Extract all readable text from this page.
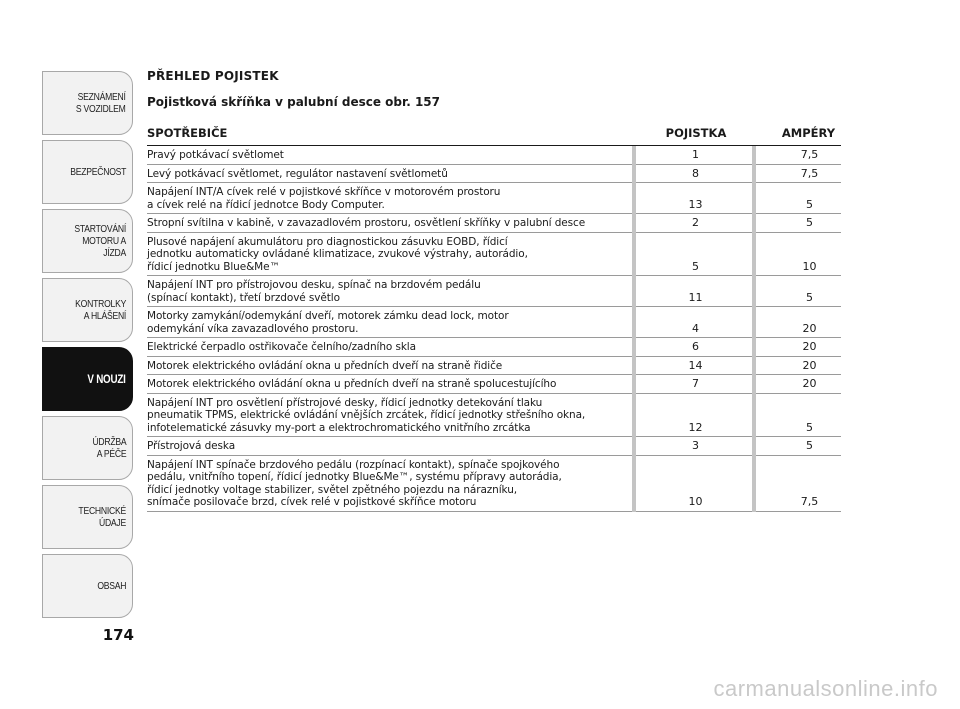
SEZNÁMENÍ
S VOZIDLEM
BEZPEČNOST
STARTOVÁNÍ
MOTORU A JÍZDA
KONTROLKY
A HLÁŠENÍ
V NOUZI
ÚDRŽBA
A PÉČE
TECHNICKÉ
ÚDAJE
OBSAH
174
PŘEHLED POJISTEK
Pojistková skříňka v palubní desce obr. 157
SPOTŘEBIČE	POJISTKA	AMPÉRY
Pravý potkávací světlomet	1	7,5
Levý potkávací světlomet, regulátor nastavení světlometů	8	7,5
Napájení INT/A cívek relé v pojistkové skříňce v motorovém prostoru
a cívek relé na řídicí jednotce Body Computer.	13	5
Stropní svítilna v kabině, v zavazadlovém prostoru, osvětlení skříňky v palubní desce	2	5
Plusové napájení akumulátoru pro diagnostickou zásuvku EOBD, řídicí
jednotku automaticky ovládané klimatizace, zvukové výstrahy, autorádio,
řídicí jednotku Blue&Me™	5	10
Napájení INT pro přístrojovou desku, spínač na brzdovém pedálu
(spínací kontakt), třetí brzdové světlo	11	5
Motorky zamykání/odemykání dveří, motorek zámku dead lock, motor
odemykání víka zavazadlového prostoru.	4	20
Elektrické čerpadlo ostřikovače čelního/zadního skla	6	20
Motorek elektrického ovládání okna u předních dveří na straně řidiče	14	20
Motorek elektrického ovládání okna u předních dveří na straně spolucestujícího	7	20
Napájení INT pro osvětlení přístrojové desky, řídicí jednotky detekování tlaku
pneumatik TPMS, elektrické ovládání vnějších zrcátek, řídicí jednotky střešního okna,
infotelematické zásuvky my-port a elektrochromatického vnitřního zrcátka	12	5
Přístrojová deska	3	5
Napájení INT spínače brzdového pedálu (rozpínací kontakt), spínače spojkového
pedálu, vnitřního topení, řídicí jednotky Blue&Me™, systému přípravy autorádia,
řídicí jednotky voltage stabilizer, světel zpětného pojezdu na nárazníku,
snímače posilovače brzd, cívek relé v pojistkové skříňce motoru	10	7,5
carmanualsonline.info
